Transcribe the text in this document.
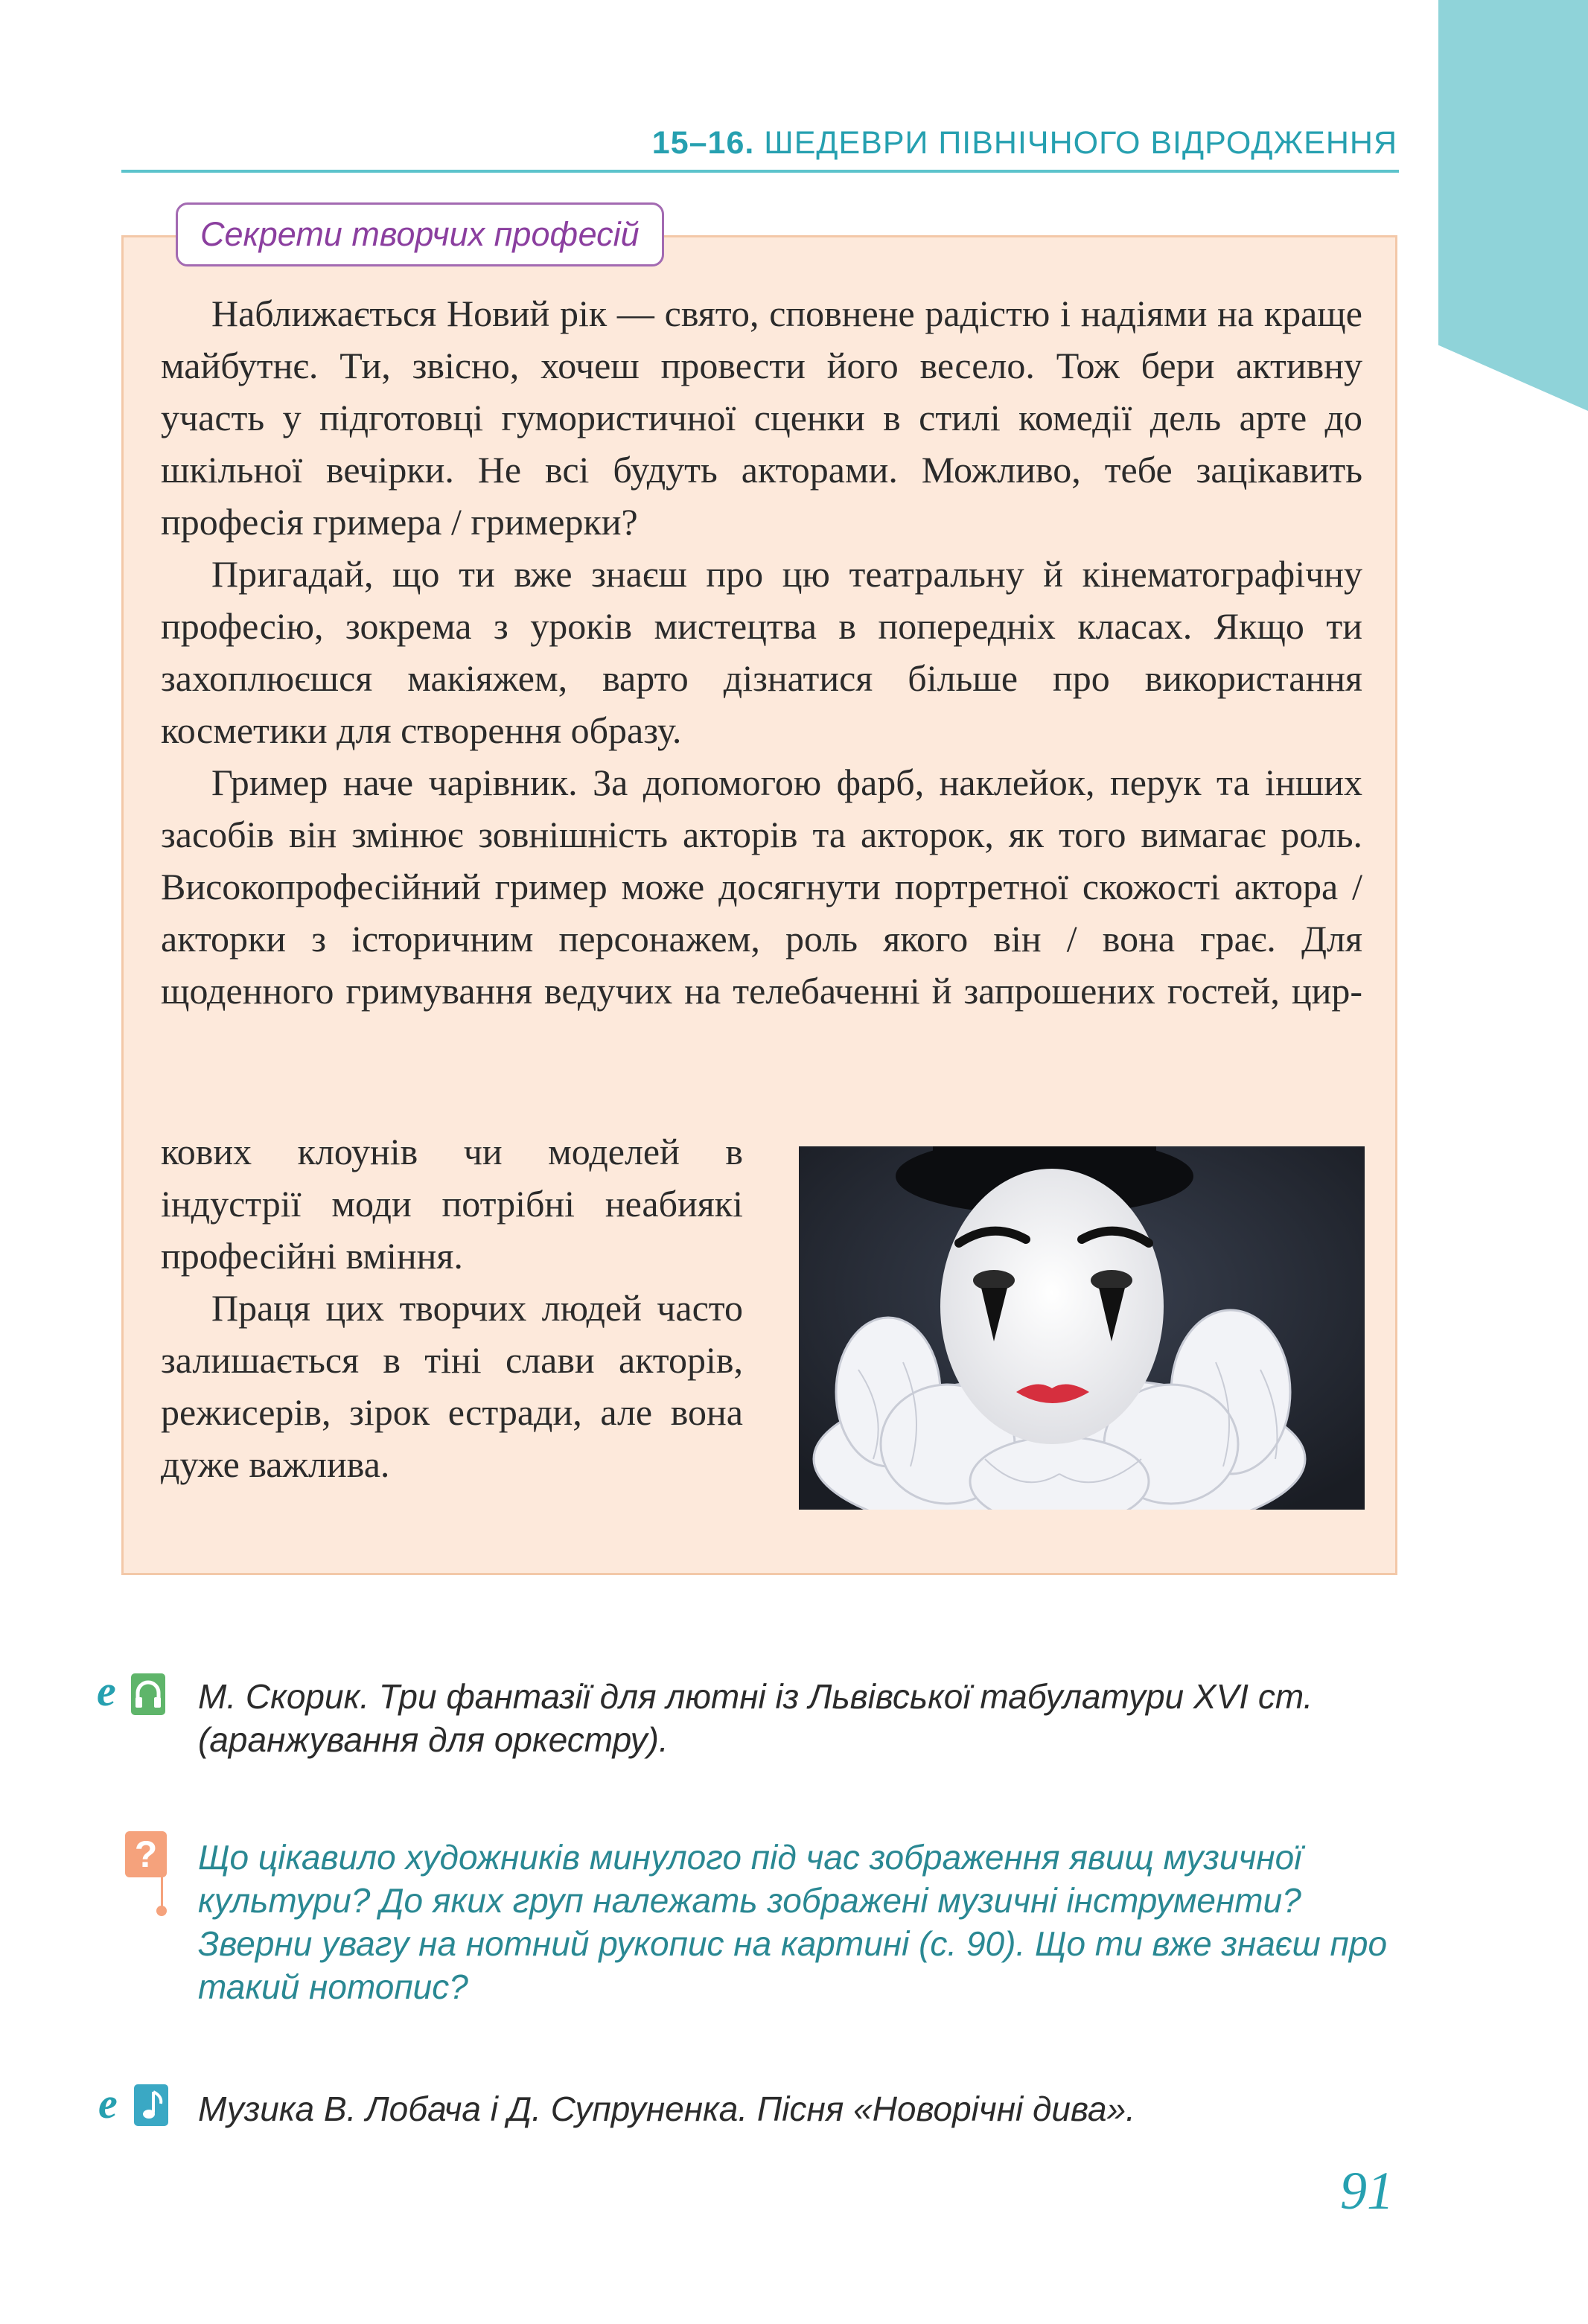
15–16. ШЕДЕВРИ ПІВНІЧНОГО ВІДРОДЖЕННЯ
Секрети творчих професій

Наближається Новий рік — свято, сповнене радістю і надіями на краще майбутнє. Ти, звісно, хочеш провести його весело. Тож бери активну участь у підготовці гумористичної сценки в стилі комедії дель арте до шкільної вечірки. Не всі будуть акторами. Можливо, тебе зацікавить професія гримера / гримерки?

Пригадай, що ти вже знаєш про цю театральну й кінематографічну професію, зокрема з уроків мистецтва в попередніх класах. Якщо ти захоплюєшся макіяжем, варто дізнатися більше про використання косметики для створення образу.

Гример наче чарівник. За допомогою фарб, наклейок, перук та інших засобів він змінює зовнішність акторів та акторок, як того вимагає роль. Високопрофесійний гример може досягнути портретної скожості актора / акторки з історичним персонажем, роль якого він / вона грає. Для щоденного гримування ведучих на телебаченні й запрошених гостей, цир-

кових клоунів чи моделей в індустрії моди потрібні неабиякі професійні вміння.

Праця цих творчих людей часто залишається в тіні слави акторів, режисерів, зірок естради, але вона дуже важлива.

e М. Скорик. Три фантазії для лютні із Львівської табулатури XVI ст. (аранжування для оркестру).
? Що цікавило художників минулого під час зображення явищ музичної культури? До яких груп належать зображені музичні інструменти? Зверни увагу на нотний рукопис на картині (с. 90). Що ти вже знаєш про такий нотопис?
e Музика В. Лобача і Д. Супруненка. Пісня «Новорічні дива».
91
